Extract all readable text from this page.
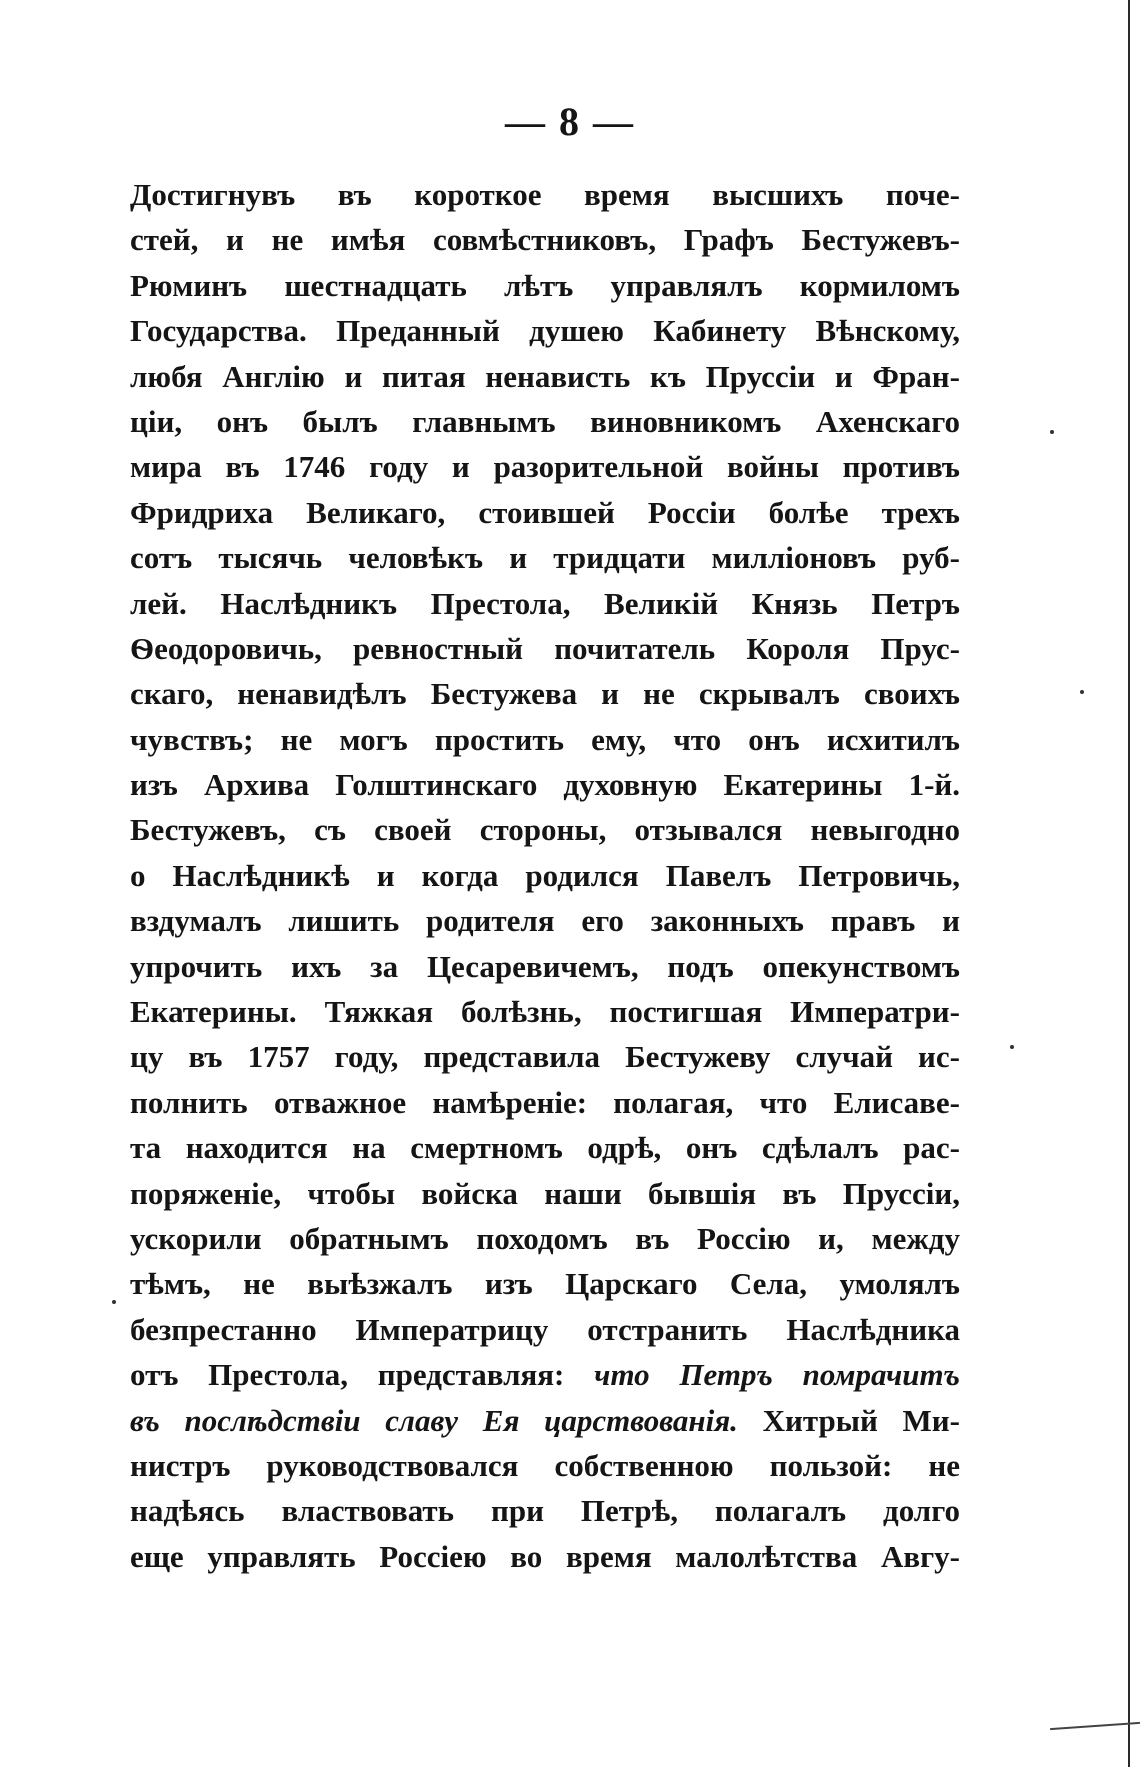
— 8 —
Достигнувъ въ короткое время высшихъ поче-
стей, и не имѣя совмѣстниковъ, Графъ Бестужевъ-
Рюминъ шестнадцать лѣтъ управлялъ кормиломъ
Государства. Преданный душею Кабинету Вѣнскому,
любя Англію и питая ненависть къ Пруссіи и Фран-
ціи, онъ былъ главнымъ виновникомъ Ахенскаго
мира въ 1746 году и разорительной войны противъ
Фридриха Великаго, стоившей Россіи болѣе трехъ
сотъ тысячь человѣкъ и тридцати милліоновъ руб-
лей. Наслѣдникъ Престола, Великій Князь Петръ
Ѳеодоровичь, ревностный почитатель Короля Прус-
скаго, ненавидѣлъ Бестужева и не скрывалъ своихъ
чувствъ; не могъ простить ему, что онъ исхитилъ
изъ Архива Голштинскаго духовную Екатерины 1-й.
Бестужевъ, съ своей стороны, отзывался невыгодно
о Наслѣдникѣ и когда родился Павелъ Петровичь,
вздумалъ лишить родителя его законныхъ правъ и
упрочить ихъ за Цесаревичемъ, подъ опекунствомъ
Екатерины. Тяжкая болѣзнь, постигшая Императри-
цу въ 1757 году, представила Бестужеву случай ис-
полнить отважное намѣреніе: полагая, что Елисаве-
та находится на смертномъ одрѣ, онъ сдѣлалъ рас-
поряженіе, чтобы войска наши бывшія въ Пруссіи,
ускорили обратнымъ походомъ въ Россію и, между
тѣмъ, не выѣзжалъ изъ Царскаго Села, умолялъ
безпрестанно Императрицу отстранить Наслѣдника
отъ Престола, представляя: что Петръ помрачитъ
въ послѣдствіи славу Ея царствованія. Хитрый Ми-
нистръ руководствовался собственною пользой: не
надѣясь властвовать при Петрѣ, полагалъ долго
еще управлять Россіею во время малолѣтства Авгу-
